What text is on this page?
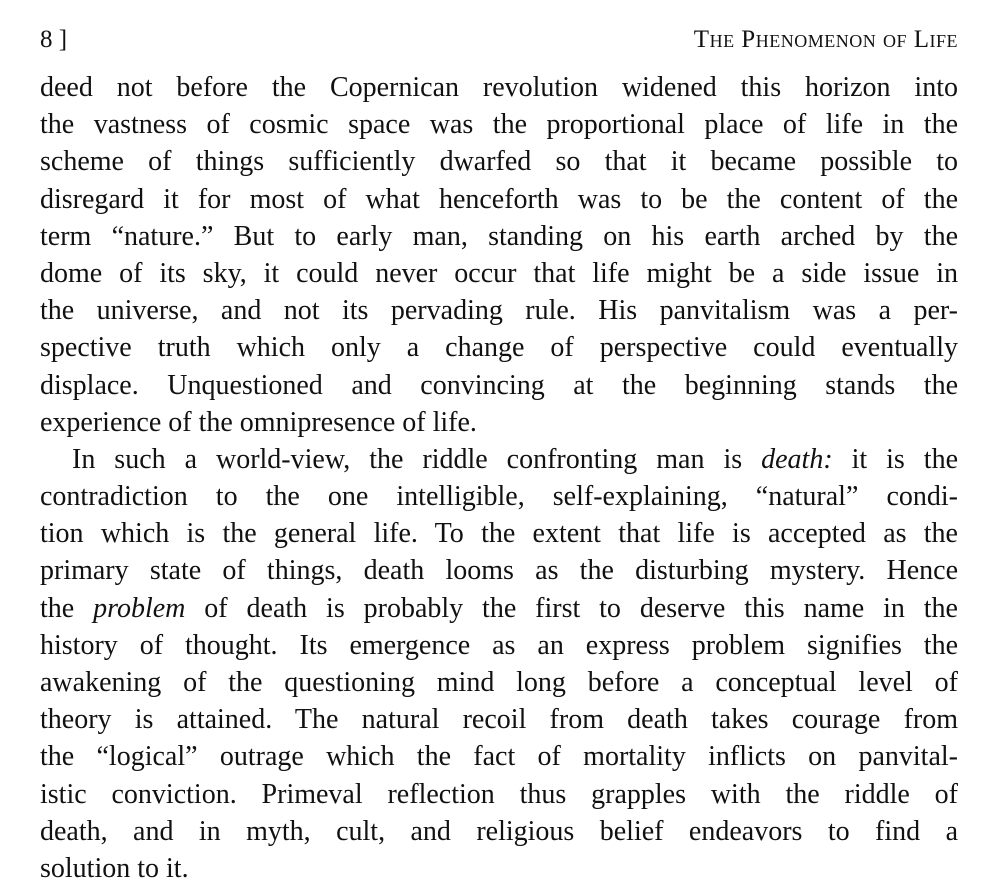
8 ]	The Phenomenon of Life
deed not before the Copernican revolution widened this horizon into
the vastness of cosmic space was the proportional place of life in the
scheme of things sufficiently dwarfed so that it became possible to
disregard it for most of what henceforth was to be the content of the
term “nature.” But to early man, standing on his earth arched by the
dome of its sky, it could never occur that life might be a side issue in
the universe, and not its pervading rule. His panvitalism was a per-
spective truth which only a change of perspective could eventually
displace. Unquestioned and convincing at the beginning stands the
experience of the omnipresence of life.
In such a world-view, the riddle confronting man is death: it is the
contradiction to the one intelligible, self-explaining, “natural” condi-
tion which is the general life. To the extent that life is accepted as the
primary state of things, death looms as the disturbing mystery. Hence
the problem of death is probably the first to deserve this name in the
history of thought. Its emergence as an express problem signifies the
awakening of the questioning mind long before a conceptual level of
theory is attained. The natural recoil from death takes courage from
the “logical” outrage which the fact of mortality inflicts on panvital-
istic conviction. Primeval reflection thus grapples with the riddle of
death, and in myth, cult, and religious belief endeavors to find a
solution to it.
